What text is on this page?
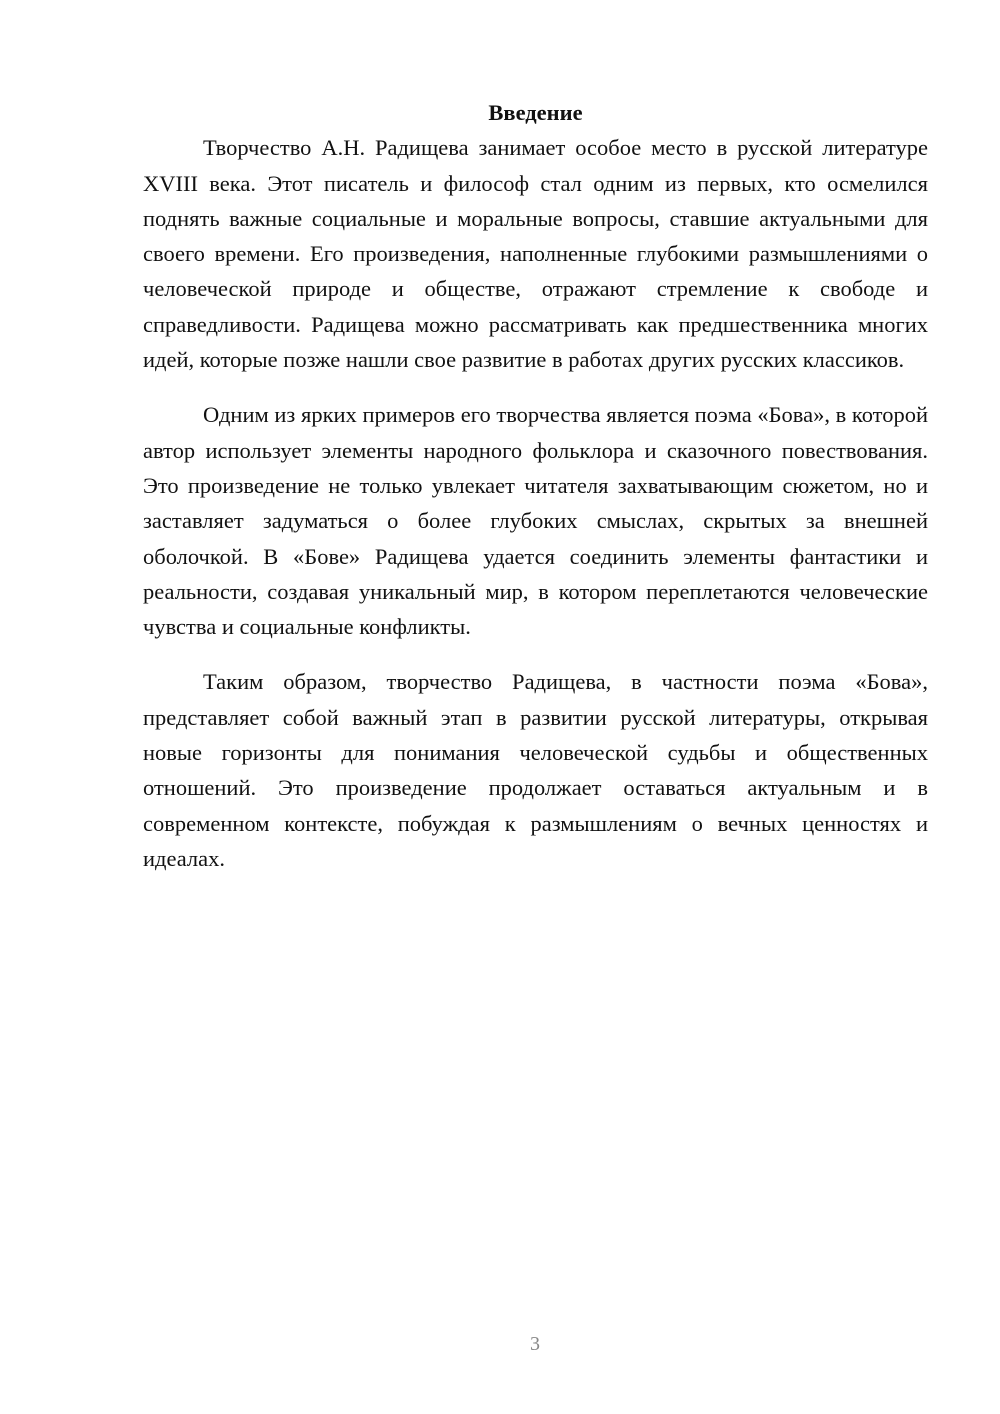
Введение

Творчество А.Н. Радищева занимает особое место в русской литературе XVIII века. Этот писатель и философ стал одним из первых, кто осмелился поднять важные социальные и моральные вопросы, ставшие актуальными для своего времени. Его произведения, наполненные глубокими размышлениями о человеческой природе и обществе, отражают стремление к свободе и справедливости. Радищева можно рассматривать как предшественника многих идей, которые позже нашли свое развитие в работах других русских классиков.

Одним из ярких примеров его творчества является поэма «Бова», в которой автор использует элементы народного фольклора и сказочного повествования. Это произведение не только увлекает читателя захватывающим сюжетом, но и заставляет задуматься о более глубоких смыслах, скрытых за внешней оболочкой. В «Бове» Радищева удается соединить элементы фантастики и реальности, создавая уникальный мир, в котором переплетаются человеческие чувства и социальные конфликты.

Таким образом, творчество Радищева, в частности поэма «Бова», представляет собой важный этап в развитии русской литературы, открывая новые горизонты для понимания человеческой судьбы и общественных отношений. Это произведение продолжает оставаться актуальным и в современном контексте, побуждая к размышлениям о вечных ценностях и идеалах.

3
